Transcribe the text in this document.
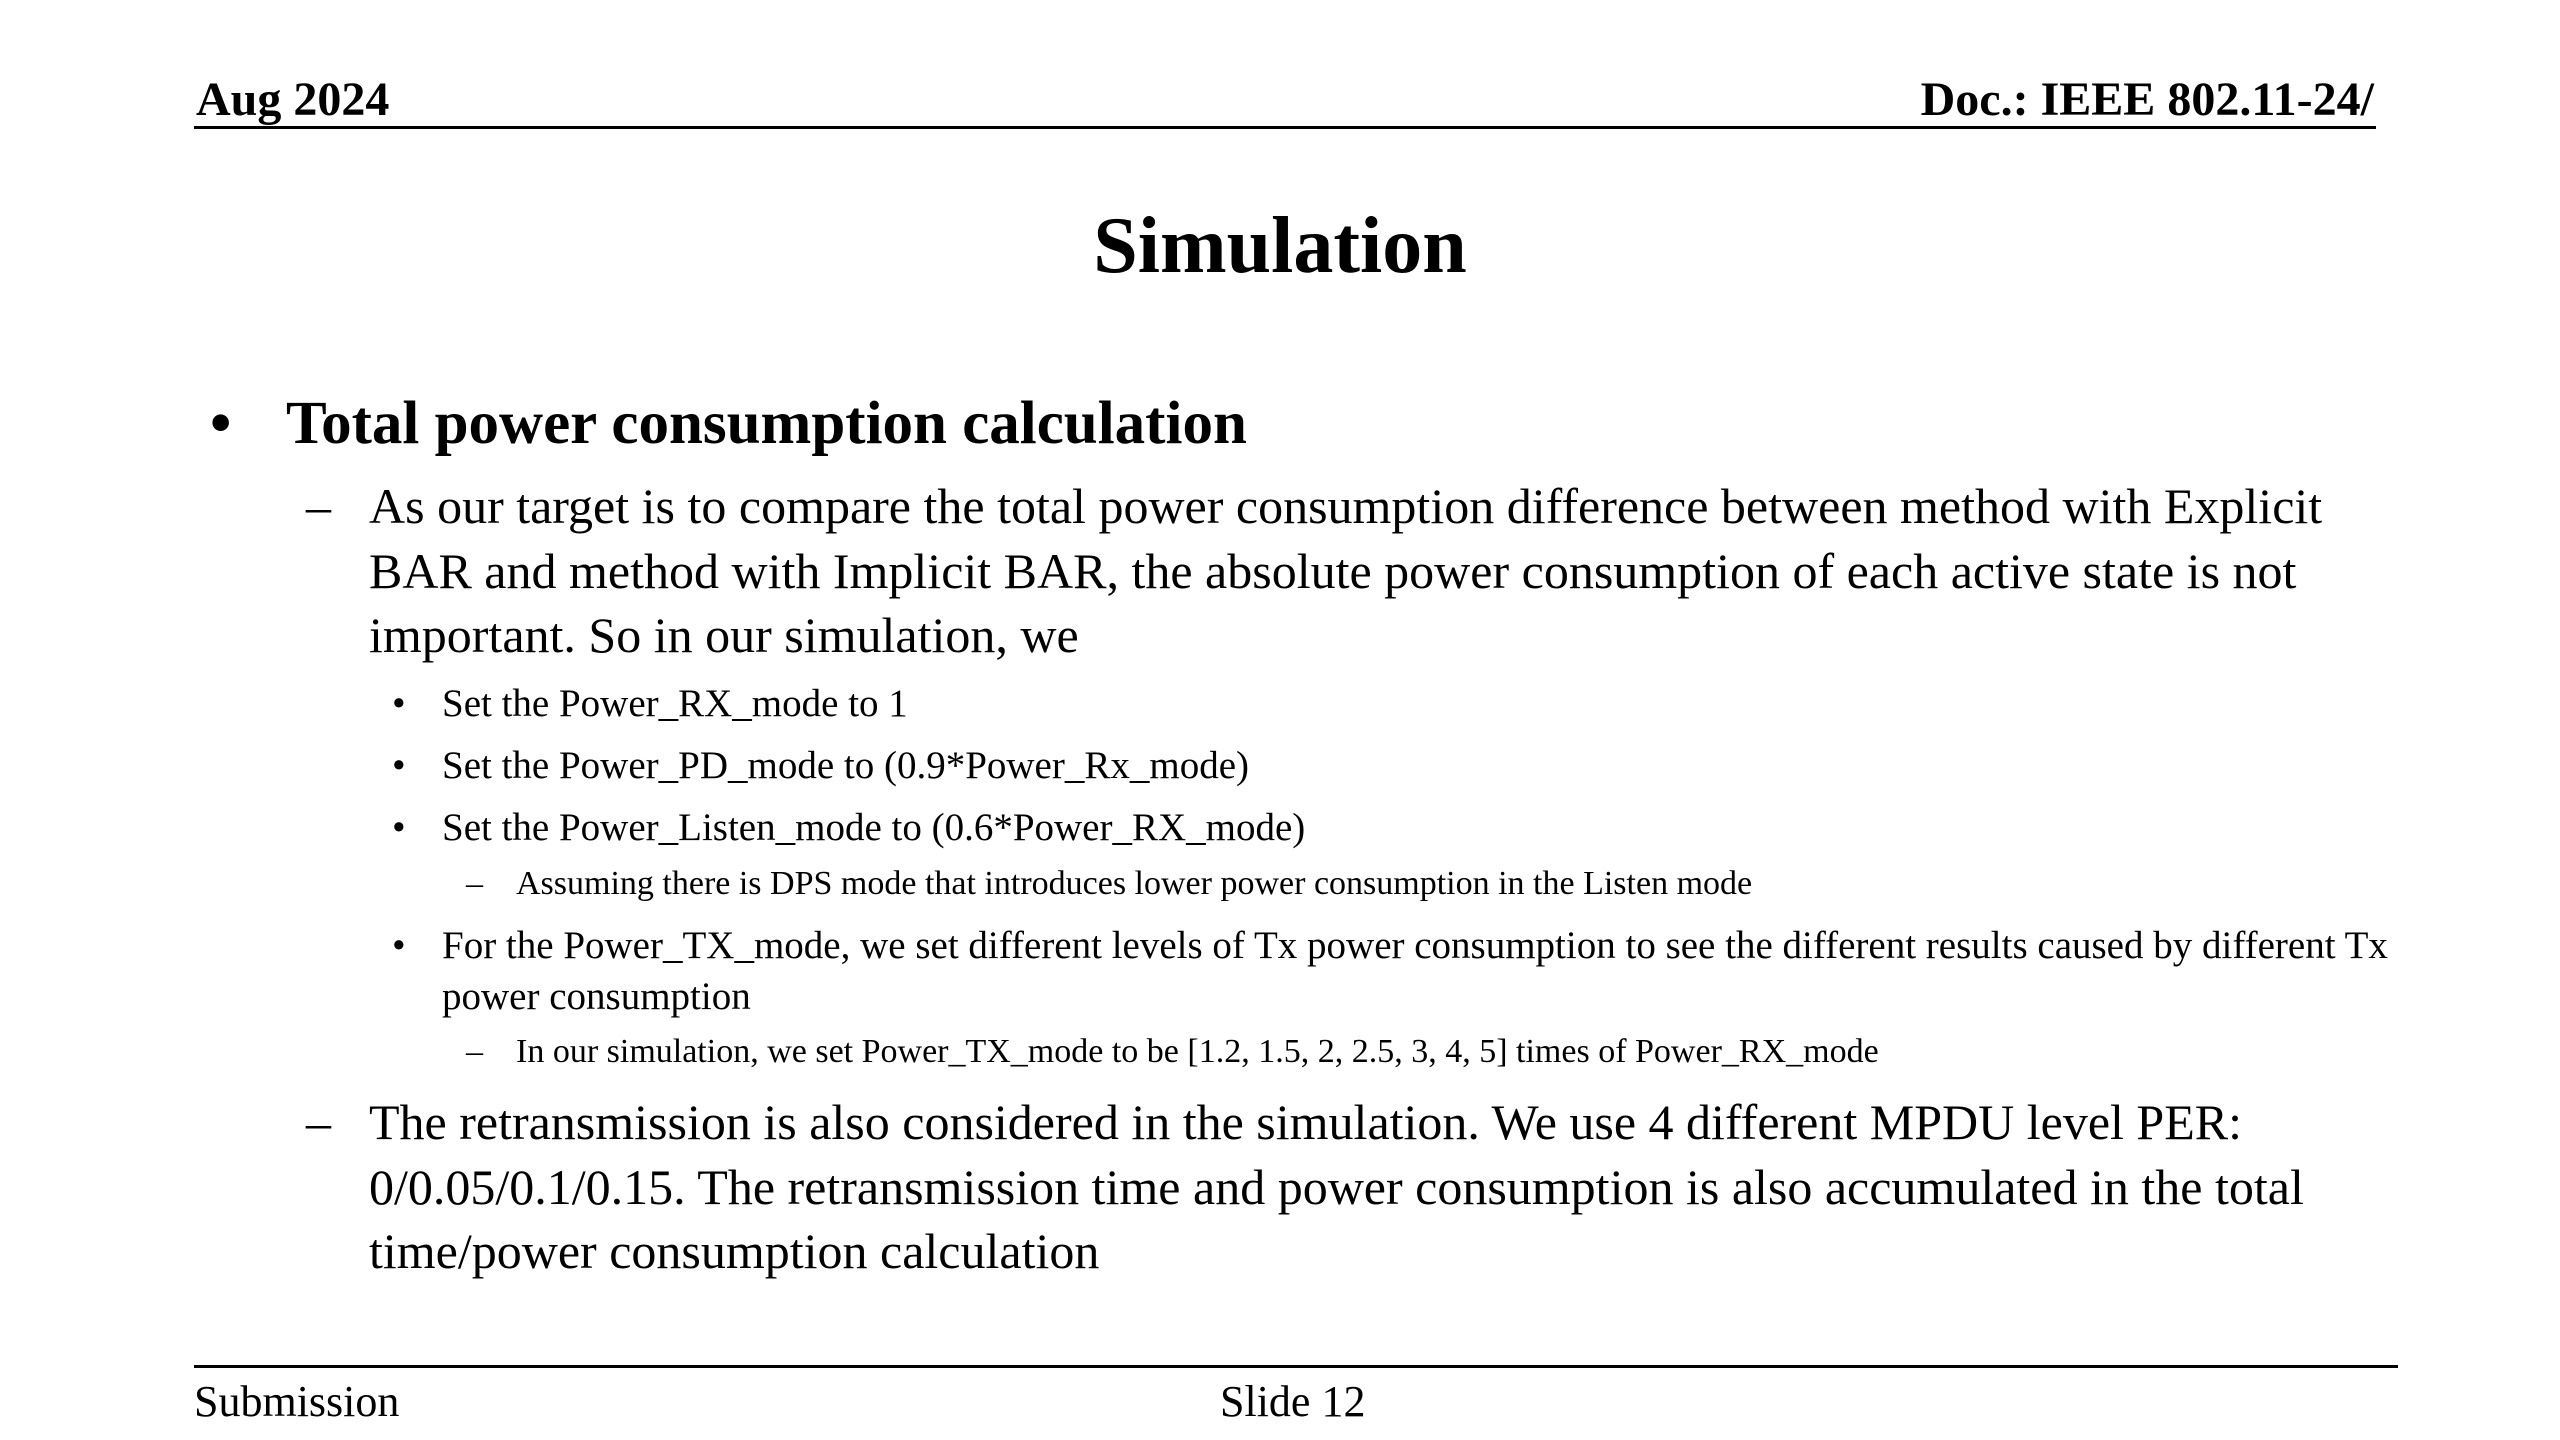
Aug 2024	Doc.: IEEE 802.11-24/
Simulation
• Total power consumption calculation
– As our target is to compare the total power consumption difference between method with Explicit BAR and method with Implicit BAR, the absolute power consumption of each active state is not important. So in our simulation, we
• Set the Power_RX_mode to 1
• Set the Power_PD_mode to (0.9*Power_Rx_mode)
• Set the Power_Listen_mode to (0.6*Power_RX_mode)
– Assuming there is DPS mode that introduces lower power consumption in the Listen mode
• For the Power_TX_mode, we set different levels of Tx power consumption to see the different results caused by different Tx power consumption
– In our simulation, we set Power_TX_mode to be [1.2, 1.5, 2, 2.5, 3, 4, 5] times of Power_RX_mode
– The retransmission is also considered in the simulation. We use 4 different MPDU level PER: 0/0.05/0.1/0.15. The retransmission time and power consumption is also accumulated in the total time/power consumption calculation
Submission	Slide 12
